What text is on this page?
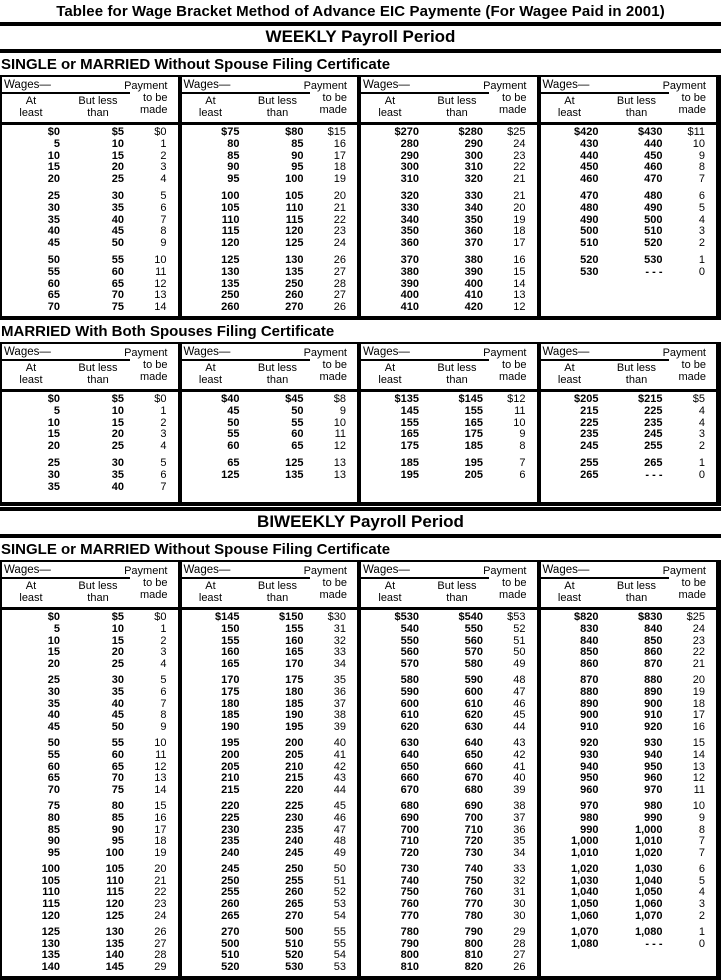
Tablee for Wage Bracket Method of Advance EIC Paymente (For Wagee Paid in 2001)
WEEKLY Payroll Period
SINGLE or MARRIED Without Spouse Filing Certificate
Wages—
At
least
But less
than
Payment
to be
made
$0	$5	$0
5	10	1
10	15	2
15	20	3
20	25	4
25	30	5
30	35	6
35	40	7
40	45	8
45	50	9
50	55	10
55	60	11
60	65	12
65	70	13
70	75	14
Wages—
At
least
But less
than
Payment
to be
made
$75	$80	$15
80	85	16
85	90	17
90	95	18
95	100	19
100	105	20
105	110	21
110	115	22
115	120	23
120	125	24
125	130	26
130	135	27
135	250	28
250	260	27
260	270	26
Wages—
At
least
But less
than
Payment
to be
made
$270	$280	$25
280	290	24
290	300	23
300	310	22
310	320	21
320	330	21
330	340	20
340	350	19
350	360	18
360	370	17
370	380	16
380	390	15
390	400	14
400	410	13
410	420	12
Wages—
At
least
But less
than
Payment
to be
made
$420	$430	$11
430	440	10
440	450	9
450	460	8
460	470	7
470	480	6
480	490	5
490	500	4
500	510	3
510	520	2
520	530	1
530	- - -	0
MARRIED With Both Spouses Filing Certificate
Wages—
At
least
But less
than
Payment
to be
made
$0	$5	$0
5	10	1
10	15	2
15	20	3
20	25	4
25	30	5
30	35	6
35	40	7
Wages—
At
least
But less
than
Payment
to be
made
$40	$45	$8
45	50	9
50	55	10
55	60	11
60	65	12
65	125	13
125	135	13
Wages—
At
least
But less
than
Payment
to be
made
$135	$145	$12
145	155	11
155	165	10
165	175	9
175	185	8
185	195	7
195	205	6
Wages—
At
least
But less
than
Payment
to be
made
$205	$215	$5
215	225	4
225	235	4
235	245	3
245	255	2
255	265	1
265	- - -	0
BIWEEKLY Payroll Period
SINGLE or MARRIED Without Spouse Filing Certificate
Wages—
At
least
But less
than
Payment
to be
made
$0	$5	$0
5	10	1
10	15	2
15	20	3
20	25	4
25	30	5
30	35	6
35	40	7
40	45	8
45	50	9
50	55	10
55	60	11
60	65	12
65	70	13
70	75	14
75	80	15
80	85	16
85	90	17
90	95	18
95	100	19
100	105	20
105	110	21
110	115	22
115	120	23
120	125	24
125	130	26
130	135	27
135	140	28
140	145	29
Wages—
At
least
But less
than
Payment
to be
made
$145	$150	$30
150	155	31
155	160	32
160	165	33
165	170	34
170	175	35
175	180	36
180	185	37
185	190	38
190	195	39
195	200	40
200	205	41
205	210	42
210	215	43
215	220	44
220	225	45
225	230	46
230	235	47
235	240	48
240	245	49
245	250	50
250	255	51
255	260	52
260	265	53
265	270	54
270	500	55
500	510	55
510	520	54
520	530	53
Wages—
At
least
But less
than
Payment
to be
made
$530	$540	$53
540	550	52
550	560	51
560	570	50
570	580	49
580	590	48
590	600	47
600	610	46
610	620	45
620	630	44
630	640	43
640	650	42
650	660	41
660	670	40
670	680	39
680	690	38
690	700	37
700	710	36
710	720	35
720	730	34
730	740	33
740	750	32
750	760	31
760	770	30
770	780	30
780	790	29
790	800	28
800	810	27
810	820	26
Wages—
At
least
But less
than
Payment
to be
made
$820	$830	$25
830	840	24
840	850	23
850	860	22
860	870	21
870	880	20
880	890	19
890	900	18
900	910	17
910	920	16
920	930	15
930	940	14
940	950	13
950	960	12
960	970	11
970	980	10
980	990	9
990	1,000	8
1,000	1,010	7
1,010	1,020	7
1,020	1,030	6
1,030	1,040	5
1,040	1,050	4
1,050	1,060	3
1,060	1,070	2
1,070	1,080	1
1,080	- - -	0
